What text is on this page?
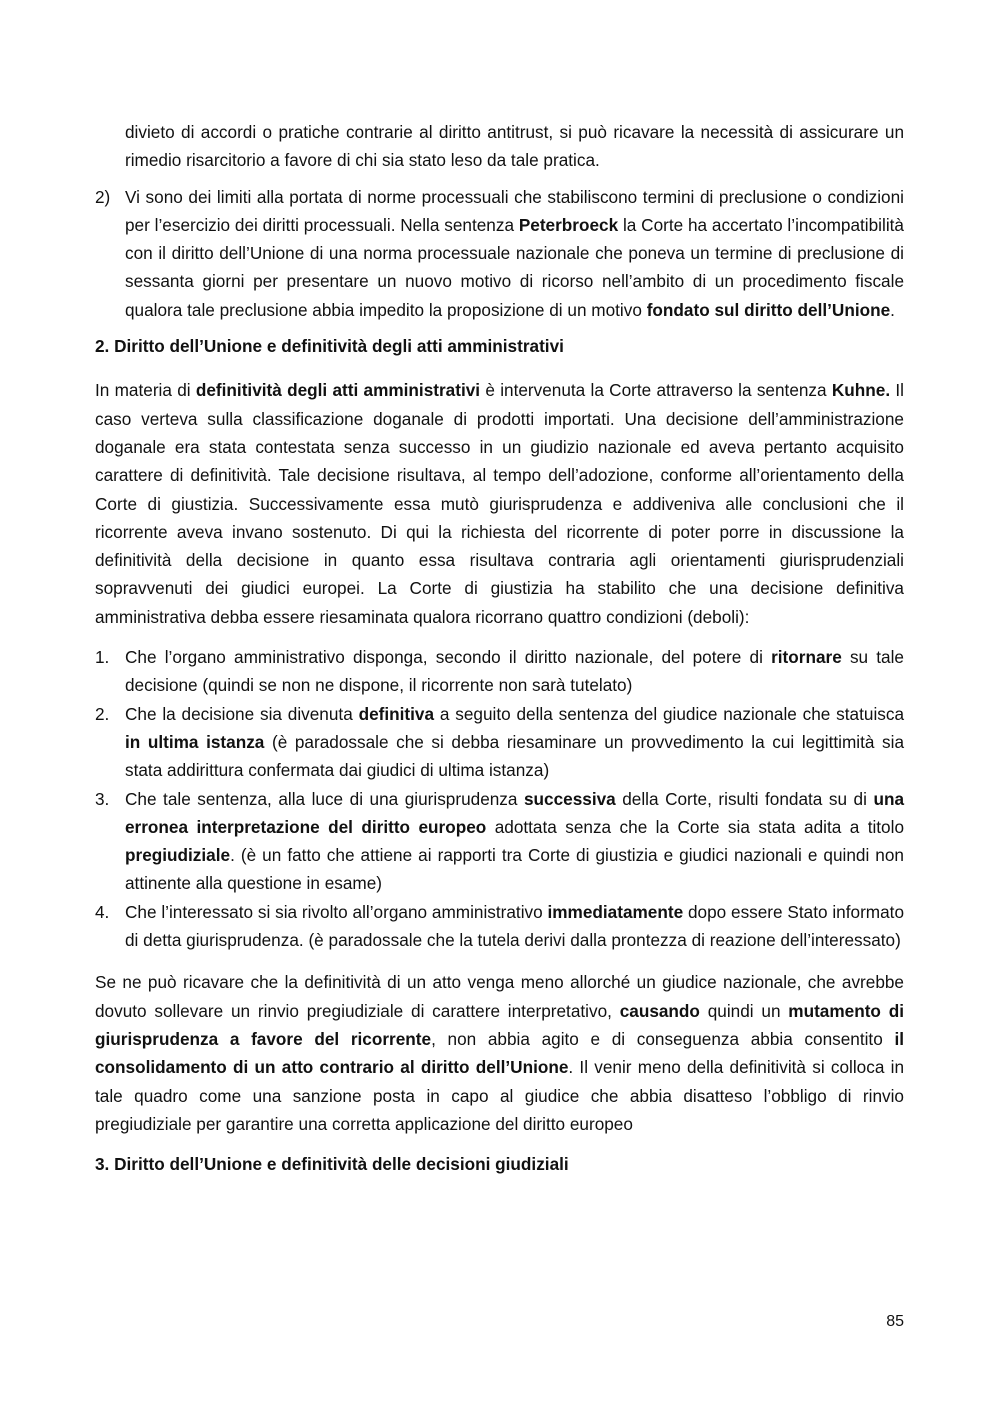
divieto di accordi o pratiche contrarie al diritto antitrust, si può ricavare la necessità di assicurare un rimedio risarcitorio a favore di chi sia stato leso da tale pratica.

2) Vi sono dei limiti alla portata di norme processuali che stabiliscono termini di preclusione o condizioni per l’esercizio dei diritti processuali. Nella sentenza Peterbroeck la Corte ha accertato l’incompatibilità con il diritto dell’Unione di una norma processuale nazionale che poneva un termine di preclusione di sessanta giorni per presentare un nuovo motivo di ricorso nell’ambito di un procedimento fiscale qualora tale preclusione abbia impedito la proposizione di un motivo fondato sul diritto dell’Unione.

2. Diritto dell’Unione e definitività degli atti amministrativi

In materia di definitività degli atti amministrativi è intervenuta la Corte attraverso la sentenza Kuhne. Il caso verteva sulla classificazione doganale di prodotti importati. Una decisione dell’amministrazione doganale era stata contestata senza successo in un giudizio nazionale ed aveva pertanto acquisito carattere di definitività. Tale decisione risultava, al tempo dell’adozione, conforme all’orientamento della Corte di giustizia. Successivamente essa mutò giurisprudenza e addiveniva alle conclusioni che il ricorrente aveva invano sostenuto. Di qui la richiesta del ricorrente di poter porre in discussione la definitività della decisione in quanto essa risultava contraria agli orientamenti giurisprudenziali sopravvenuti dei giudici europei. La Corte di giustizia ha stabilito che una decisione definitiva amministrativa debba essere riesaminata qualora ricorrano quattro condizioni (deboli):

1. Che l’organo amministrativo disponga, secondo il diritto nazionale, del potere di ritornare su tale decisione (quindi se non ne dispone, il ricorrente non sarà tutelato)
2. Che la decisione sia divenuta definitiva a seguito della sentenza del giudice nazionale che statuisca in ultima istanza (è paradossale che si debba riesaminare un provvedimento la cui legittimità sia stata addirittura confermata dai giudici di ultima istanza)
3. Che tale sentenza, alla luce di una giurisprudenza successiva della Corte, risulti fondata su di una erronea interpretazione del diritto europeo adottata senza che la Corte sia stata adita a titolo pregiudiziale. (è un fatto che attiene ai rapporti tra Corte di giustizia e giudici nazionali e quindi non attinente alla questione in esame)
4. Che l’interessato si sia rivolto all’organo amministrativo immediatamente dopo essere Stato informato di detta giurisprudenza. (è paradossale che la tutela derivi dalla prontezza di reazione dell’interessato)

Se ne può ricavare che la definitività di un atto venga meno allorché un giudice nazionale, che avrebbe dovuto sollevare un rinvio pregiudiziale di carattere interpretativo, causando quindi un mutamento di giurisprudenza a favore del ricorrente, non abbia agito e di conseguenza abbia consentito il consolidamento di un atto contrario al diritto dell’Unione. Il venir meno della definitività si colloca in tale quadro come una sanzione posta in capo al giudice che abbia disatteso l’obbligo di rinvio pregiudiziale per garantire una corretta applicazione del diritto europeo

3. Diritto dell’Unione e definitività delle decisioni giudiziali

85
